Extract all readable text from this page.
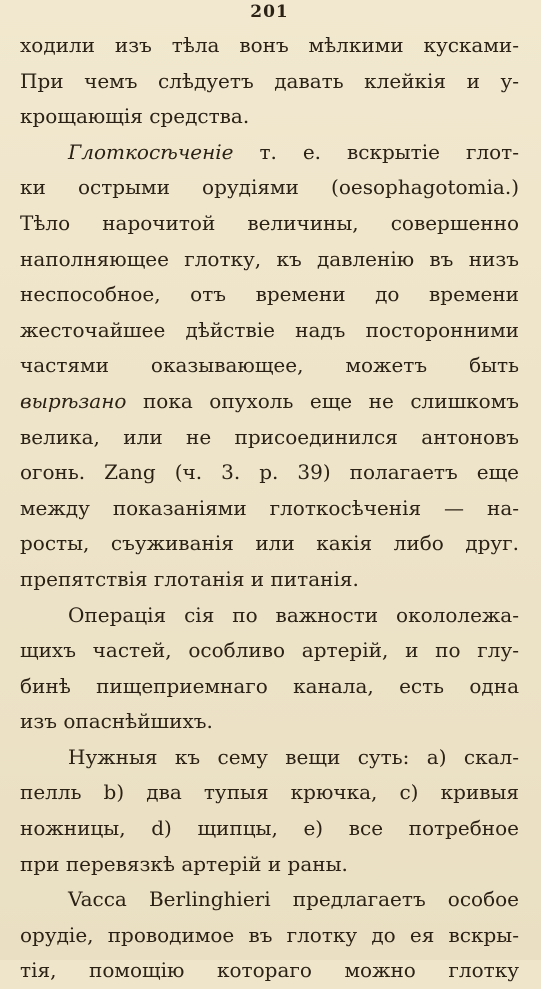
201
ходили изъ тѣла вонъ мѣлкими кусками-
При чемъ слѣдуетъ давать клейкія и у-
крощающія средства.
Глоткосѣченіе т. е. вскрытіе глот-
ки острыми орудіями (oesophagotomia.)
Тѣло нарочитой величины, совершенно
наполняющее глотку, къ давленію въ низъ
неспособное, отъ времени до времени
жесточайшее дѣйствіе надъ посторонними
частями оказывающее, можетъ быть
вырѣзано пока опухоль еще не слишкомъ
велика, или не присоединился антоновъ
огонь. Zang (ч. 3. p. 39) полагаетъ еще
между показаніями глоткосѣченія — на-
росты, съуживанія или какія либо друг.
препятствія глотанія и питанія.
Операція сія по важности окололежа-
щихъ частей, особливо артерій, и по глу-
бинѣ пищеприемнаго канала, есть одна
изъ опаснѣйшихъ.
Нужныя къ сему вещи суть: a) скал-
пелль b) два тупыя крючка, c) кривыя
ножницы, d) щипцы, e) все потребное
при перевязкѣ артерій и раны.
Vacca Berlinghieri предлагаетъ особое
орудіе, проводимое въ глотку до ея вскры-
тія, помощію котораго можно глотку
